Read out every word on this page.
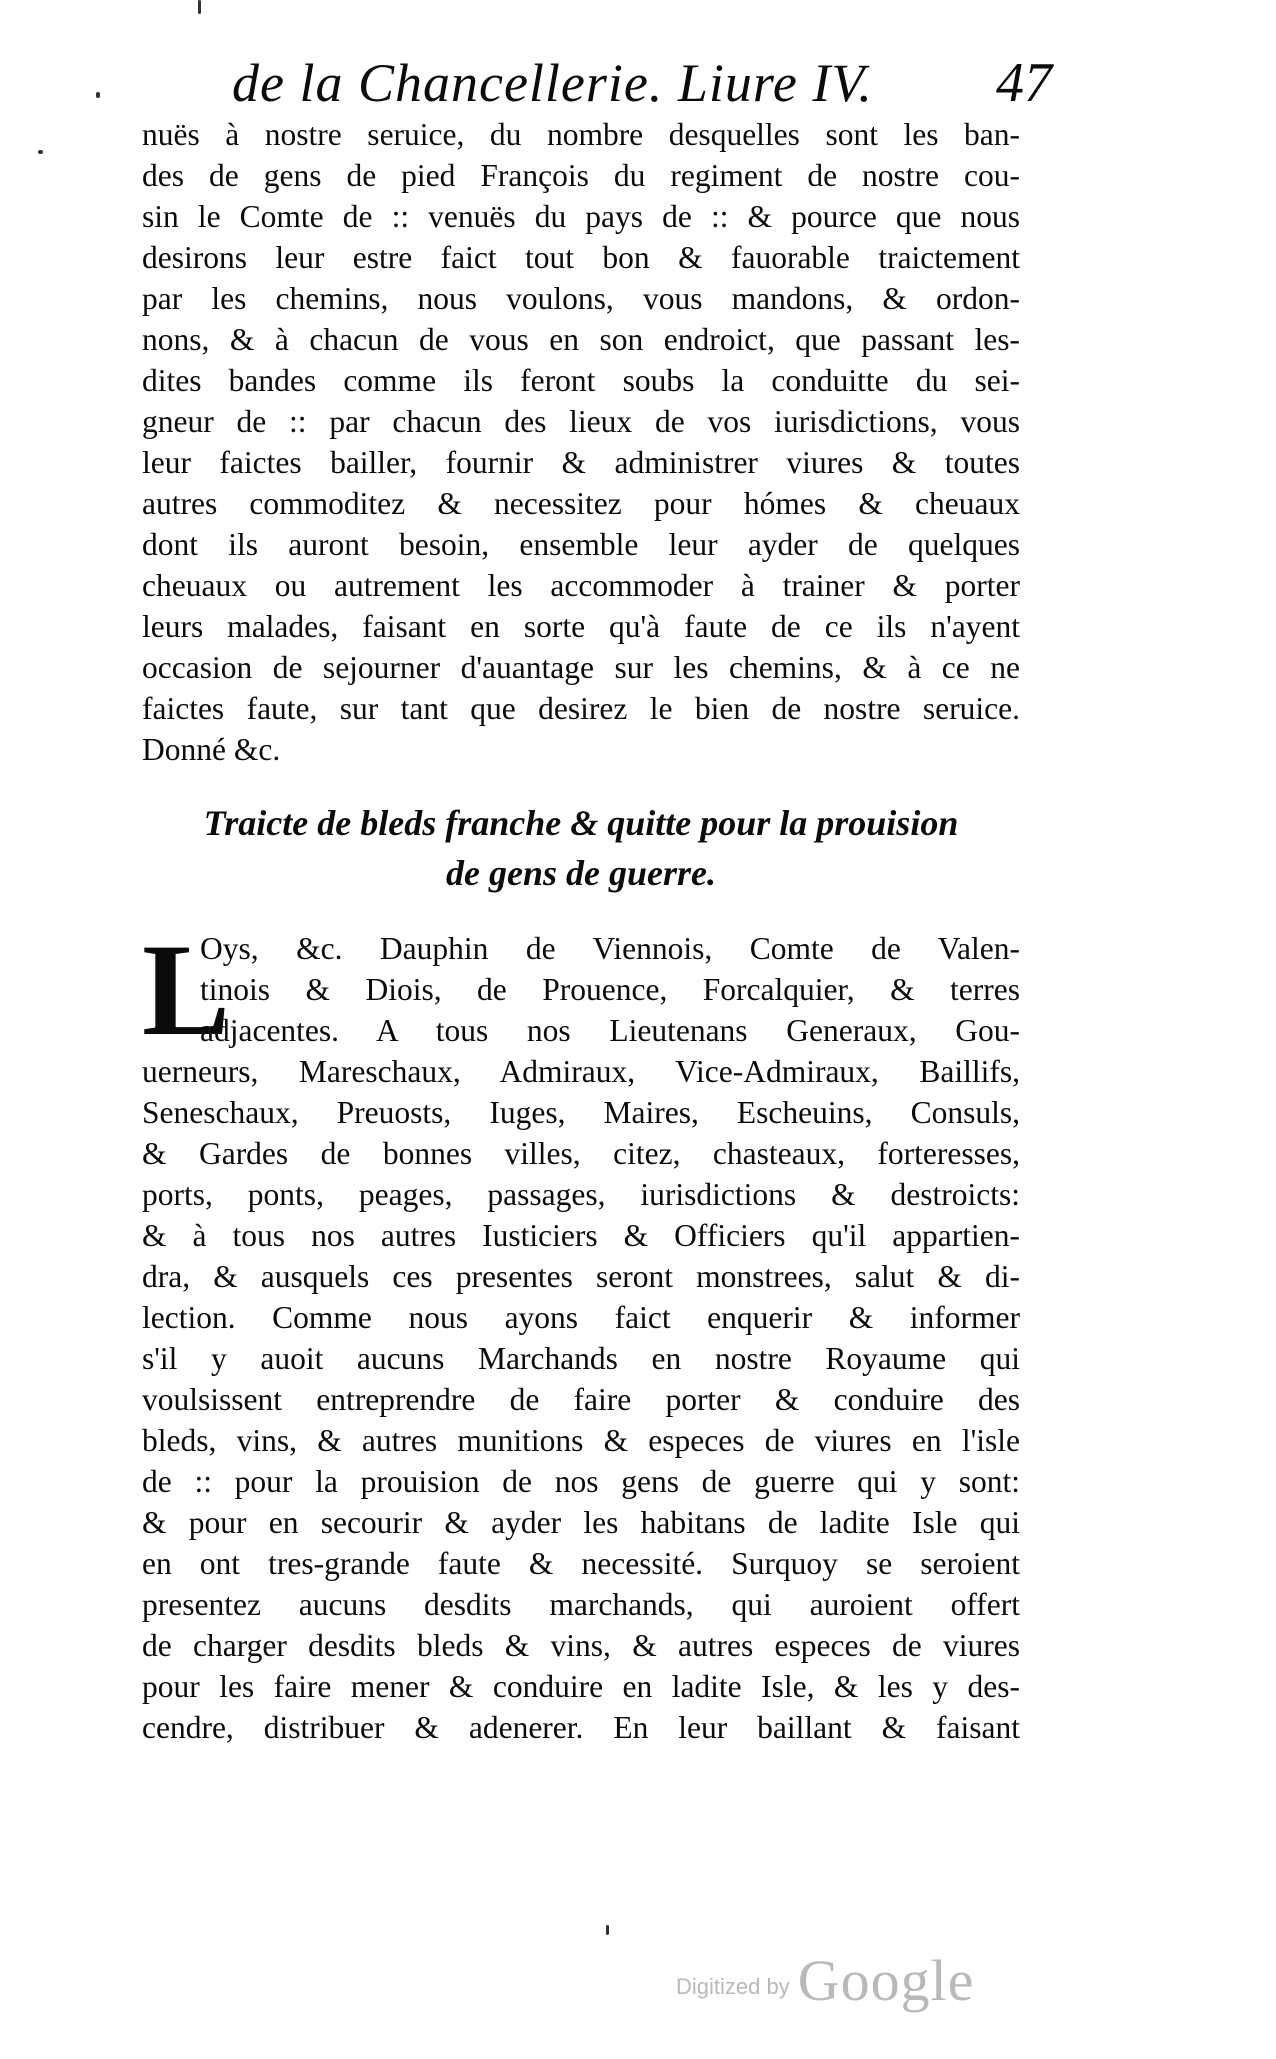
de la Chancellerie. Liure IV. 47
nuës à nostre seruice, du nombre desquelles sont les ban-
des de gens de pied François du regiment de nostre cou-
sin le Comte de :: venuës du pays de :: & pource que nous
desirons leur estre faict tout bon & fauorable traictement
par les chemins, nous voulons, vous mandons, & ordon-
nons, & à chacun de vous en son endroict, que passant les-
dites bandes comme ils feront soubs la conduitte du sei-
gneur de :: par chacun des lieux de vos iurisdictions, vous
leur faictes bailler, fournir & administrer viures & toutes
autres commoditez & necessitez pour hómes & cheuaux
dont ils auront besoin, ensemble leur ayder de quelques
cheuaux ou autrement les accommoder à trainer & porter
leurs malades, faisant en sorte qu'à faute de ce ils n'ayent
occasion de sejourner d'auantage sur les chemins, & à ce ne
faictes faute, sur tant que desirez le bien de nostre seruice.
Donné &c.
Traicte de bleds franche & quitte pour la prouision
de gens de guerre.
L
Oys, &c. Dauphin de Viennois, Comte de Valen-
tinois & Diois, de Prouence, Forcalquier, & terres
adjacentes. A tous nos Lieutenans Generaux, Gou-
uerneurs, Mareschaux, Admiraux, Vice-Admiraux, Baillifs,
Seneschaux, Preuosts, Iuges, Maires, Escheuins, Consuls,
& Gardes de bonnes villes, citez, chasteaux, forteresses,
ports, ponts, peages, passages, iurisdictions & destroicts:
& à tous nos autres Iusticiers & Officiers qu'il appartien-
dra, & ausquels ces presentes seront monstrees, salut & di-
lection. Comme nous ayons faict enquerir & informer
s'il y auoit aucuns Marchands en nostre Royaume qui
voulsissent entreprendre de faire porter & conduire des
bleds, vins, & autres munitions & especes de viures en l'isle
de :: pour la prouision de nos gens de guerre qui y sont:
& pour en secourir & ayder les habitans de ladite Isle qui
en ont tres-grande faute & necessité. Surquoy se seroient
presentez aucuns desdits marchands, qui auroient offert
de charger desdits bleds & vins, & autres especes de viures
pour les faire mener & conduire en ladite Isle, & les y des-
cendre, distribuer & adenerer. En leur baillant & faisant
Digitized by Google
